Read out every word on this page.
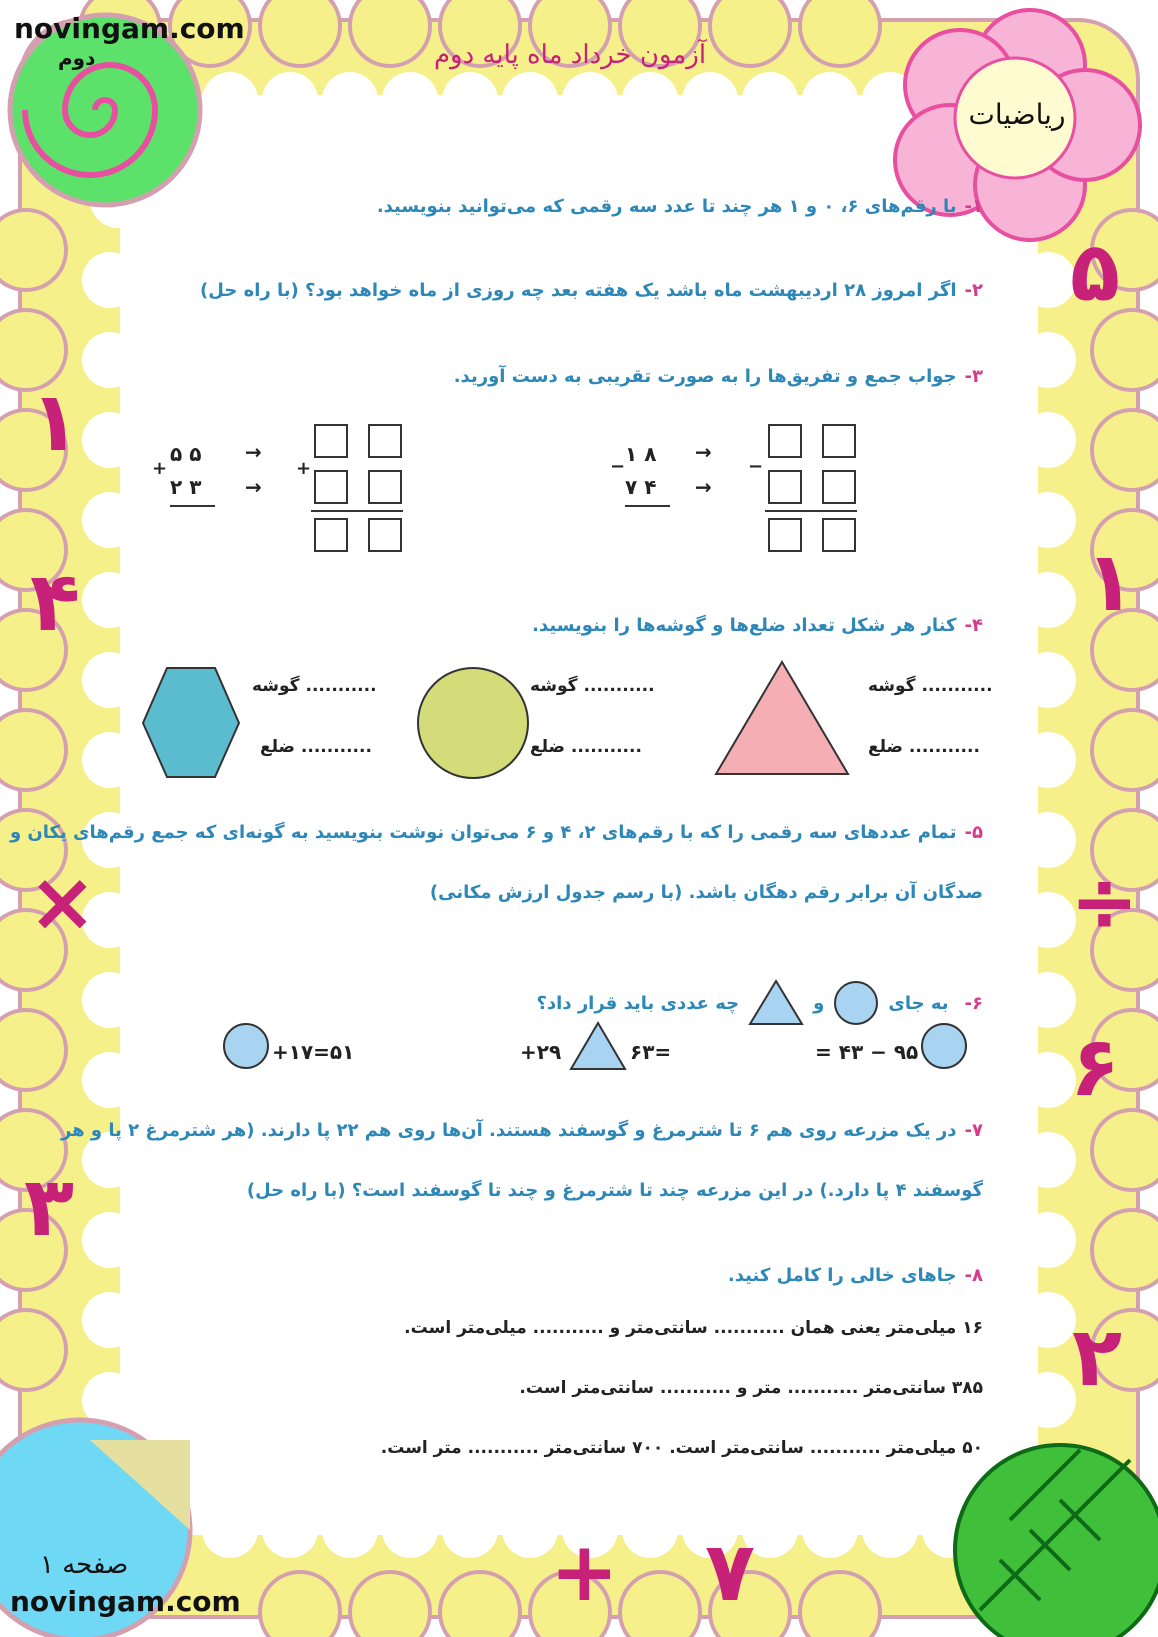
novingam.com
novingam.com
دوم	آزمون خرداد ماه پایه دوم
ریاضیات
صفحه ۱
۵
۱
÷
۶
۲
۱
۴
×
۳
+ ۷
۱-با رقم‌های ۶، ۰ و ۱ هر چند تا عدد سه رقمی که می‌توانید بنویسید.
۲-اگر امروز ۲۸ اردیبهشت ماه باشد یک هفته بعد چه روزی از ماه خواهد بود؟ (با راه حل)
۳-جواب جمع و تفریق‌ها را به صورت تقریبی به دست آورید.
۸ ۱
−
۴ ۷
→
→
−
۵ ۵
+
۳ ۲
→
→
+
۴-کنار هر شکل تعداد ضلع‌ها و گوشه‌ها را بنویسید.
........... گوشه
........... ضلع
........... گوشه
........... ضلع
........... گوشه
........... ضلع
۵-تمام عددهای سه رقمی را که با رقم‌های ۲، ۴ و ۶ می‌توان نوشت بنویسید به گونه‌ای که جمع رقم‌های یکان و
صدگان آن برابر رقم دهگان باشد. (با رسم جدول ارزش مکانی)
۶-
به جای
و
چه عددی باید قرار داد؟
۹۵ − ۴۳ =
۲۹+	=۶۳
+۱۷=۵۱
۷-در یک مزرعه روی هم ۶ تا شترمرغ و گوسفند هستند. آن‌ها روی هم ۲۲ پا دارند. (هر شترمرغ ۲ پا و هر
گوسفند ۴ پا دارد.) در این مزرعه چند تا شترمرغ و چند تا گوسفند است؟ (با راه حل)
۸-جاهای خالی را کامل کنید.
۱۶ میلی‌متر یعنی همان ........... سانتی‌متر و ........... میلی‌متر است.
۳۸۵ سانتی‌متر ........... متر و ........... سانتی‌متر است.
۵۰ میلی‌متر ........... سانتی‌متر است. ۷۰۰ سانتی‌متر ........... متر است.
